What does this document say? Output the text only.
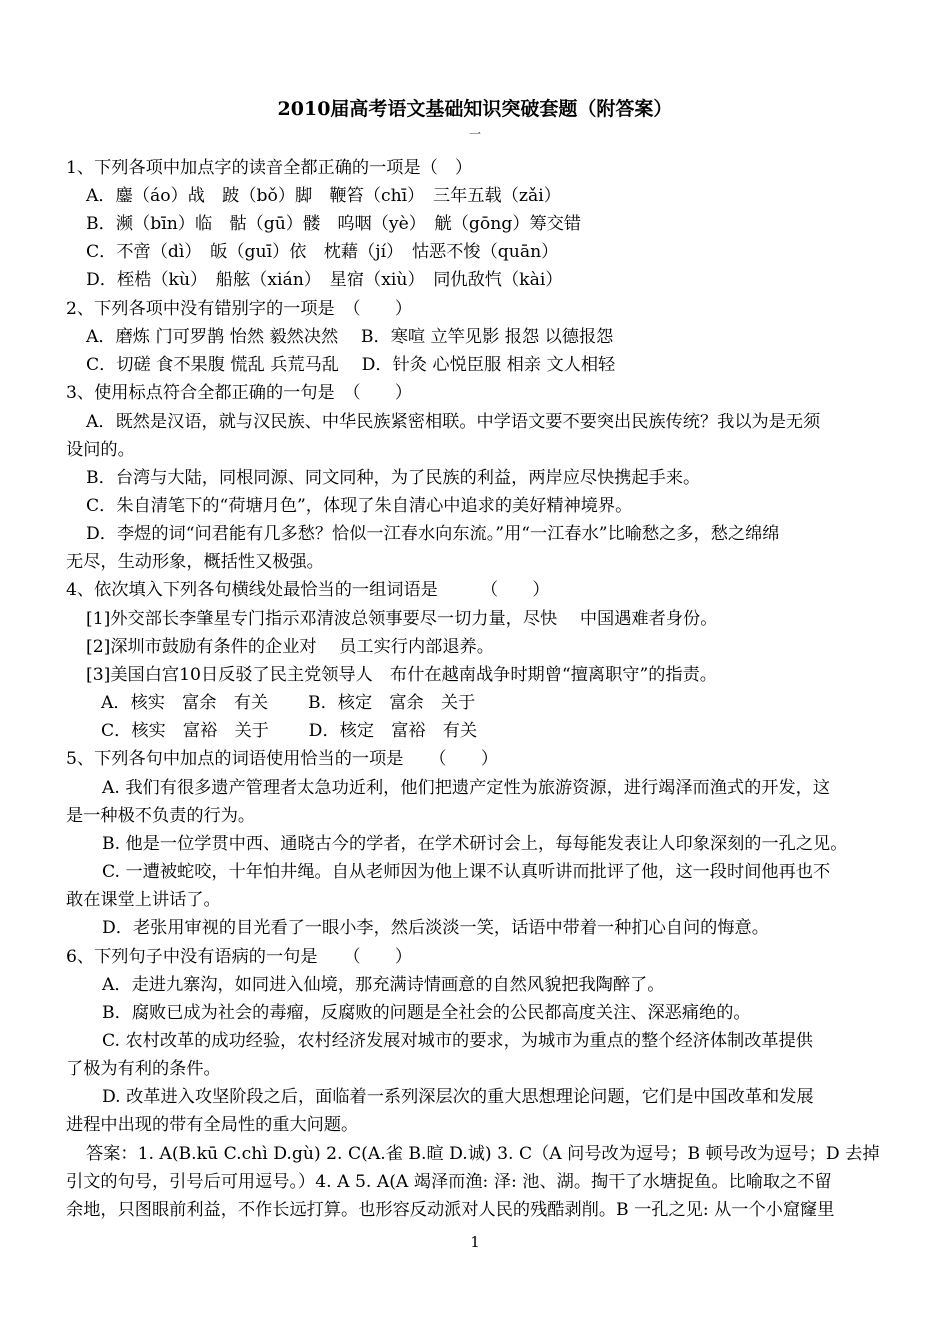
2010届高考语文基础知识突破套题（附答案）
一
1、下列各项中加点字的读音全都正确的一项是（　）
A．鏖（áo）战　跛（bǒ）脚　鞭笞（chī）　三年五载（zǎi）
B．濒（bīn）临　骷（gū）髅　呜咽（yè）　觥（gōng）筹交错
C．不啻（dì）　皈（guī）依　枕藉（jí）　怙恶不悛（quān）
D．桎梏（kù）　船舷（xián）　星宿（xiù）　同仇敌忾（kài）
2、下列各项中没有错别字的一项是　（　　）
A．磨炼 门可罗鹊 怡然 毅然决然　 B．寒喧 立竿见影 报怨 以德报怨
C．切磋 食不果腹 慌乱 兵荒马乱　 D．针灸 心悦臣服 相亲 文人相轻
3、使用标点符合全都正确的一句是　（　　）
A．既然是汉语，就与汉民族、中华民族紧密相联。中学语文要不要突出民族传统？我以为是无须
设问的。
B．台湾与大陆，同根同源、同文同种，为了民族的利益，两岸应尽快携起手来。
C．朱自清笔下的“荷塘月色”，体现了朱自清心中追求的美好精神境界。
D．李煜的词“问君能有几多愁？恰似一江春水向东流。”用“一江春水”比喻愁之多，愁之绵绵
无尽，生动形象，概括性又极强。
4、依次填入下列各句横线处最恰当的一组词语是　　　（　　）
[1]外交部长李肇星专门指示邓清波总领事要尽一切力量，尽快　 中国遇难者身份。
[2]深圳市鼓励有条件的企业对　 员工实行内部退养。
[3]美国白宫10日反驳了民主党领导人　布什在越南战争时期曾“擅离职守”的指责。
A．核实　富余　有关　　 B．核定　富余　关于
C．核实　富裕　关于　　 D．核定　富裕　有关
5、下列各句中加点的词语使用恰当的一项是　　（　　）
A. 我们有很多遗产管理者太急功近利，他们把遗产定性为旅游资源，进行竭泽而渔式的开发，这
是一种极不负责的行为。
B. 他是一位学贯中西、通晓古今的学者，在学术研讨会上，每每能发表让人印象深刻的一孔之见。
C. 一遭被蛇咬，十年怕井绳。自从老师因为他上课不认真听讲而批评了他，这一段时间他再也不
敢在课堂上讲话了。
D．老张用审视的目光看了一眼小李，然后淡淡一笑，话语中带着一种扪心自问的悔意。
6、下列句子中没有语病的一句是　　（　　）
A．走进九寨沟，如同进入仙境，那充满诗情画意的自然风貌把我陶醉了。
B．腐败已成为社会的毒瘤，反腐败的问题是全社会的公民都高度关注、深恶痛绝的。
C. 农村改革的成功经验，农村经济发展对城市的要求，为城市为重点的整个经济体制改革提供
了极为有利的条件。
D. 改革进入攻坚阶段之后，面临着一系列深层次的重大思想理论问题，它们是中国改革和发展
进程中出现的带有全局性的重大问题。
答案：1. A(B.kū C.chì D.gù) 2. C(A.雀 B.暄 D.诚) 3. C（A 问号改为逗号；B 顿号改为逗号；D 去掉
引文的句号，引号后可用逗号。）4. A 5. A(A 竭泽而渔: 泽: 池、湖。掏干了水塘捉鱼。比喻取之不留
余地，只图眼前利益，不作长远打算。也形容反动派对人民的残酷剥削。B 一孔之见: 从一个小窟窿里
1
